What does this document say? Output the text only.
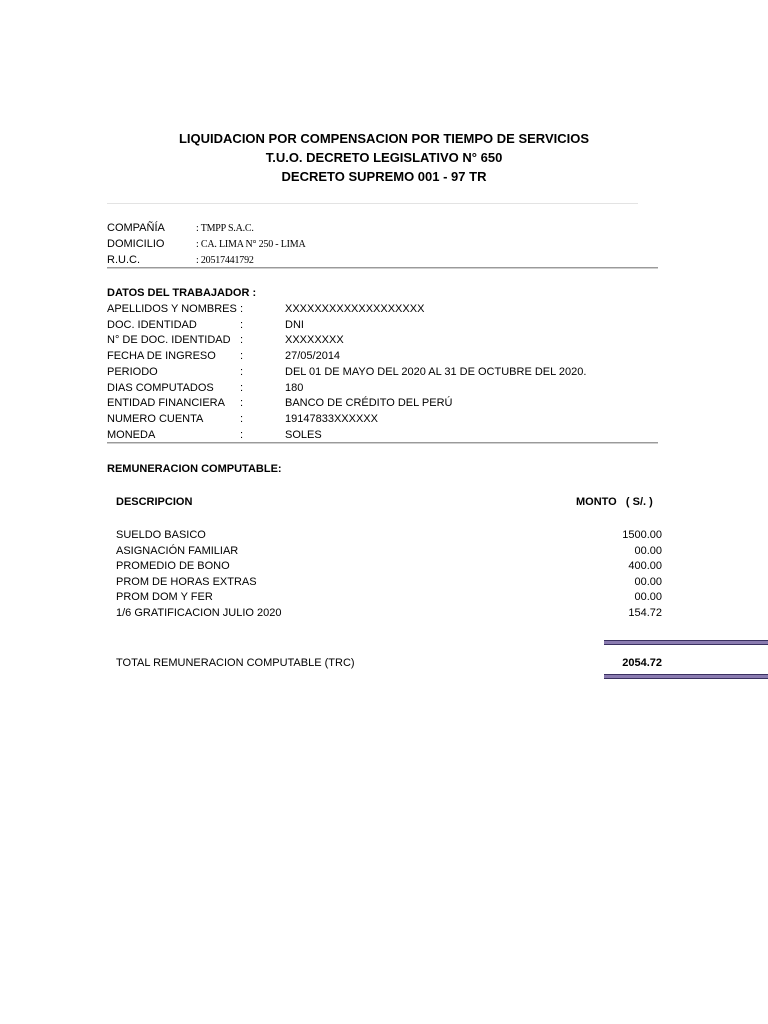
LIQUIDACION POR COMPENSACION POR TIEMPO DE SERVICIOS
T.U.O. DECRETO LEGISLATIVO N° 650
DECRETO SUPREMO 001 - 97 TR
COMPAÑÍA	: TMPP S.A.C.
DOMICILIO	: CA. LIMA N° 250 - LIMA
R.U.C.	: 20517441792
DATOS DEL TRABAJADOR :
APELLIDOS Y NOMBRES :	XXXXXXXXXXXXXXXXXXX
DOC. IDENTIDAD	:	DNI
N° DE DOC. IDENTIDAD :	XXXXXXXX
FECHA DE INGRESO :	27/05/2014
PERIODO	:	DEL 01 DE MAYO DEL 2020 AL 31 DE OCTUBRE DEL 2020.
DIAS COMPUTADOS :	180
ENTIDAD FINANCIERA :	BANCO DE CRÉDITO DEL PERÚ
NUMERO CUENTA	:	19147833XXXXXX
MONEDA	:	SOLES
REMUNERACION COMPUTABLE:
DESCRIPCION	MONTO   ( S/. )
SUELDO BASICO	1500.00
ASIGNACIÓN FAMILIAR	00.00
PROMEDIO DE BONO	400.00
PROM DE HORAS EXTRAS	00.00
PROM DOM Y FER	00.00
1/6 GRATIFICACION JULIO 2020	154.72
TOTAL REMUNERACION COMPUTABLE (TRC)	2054.72
